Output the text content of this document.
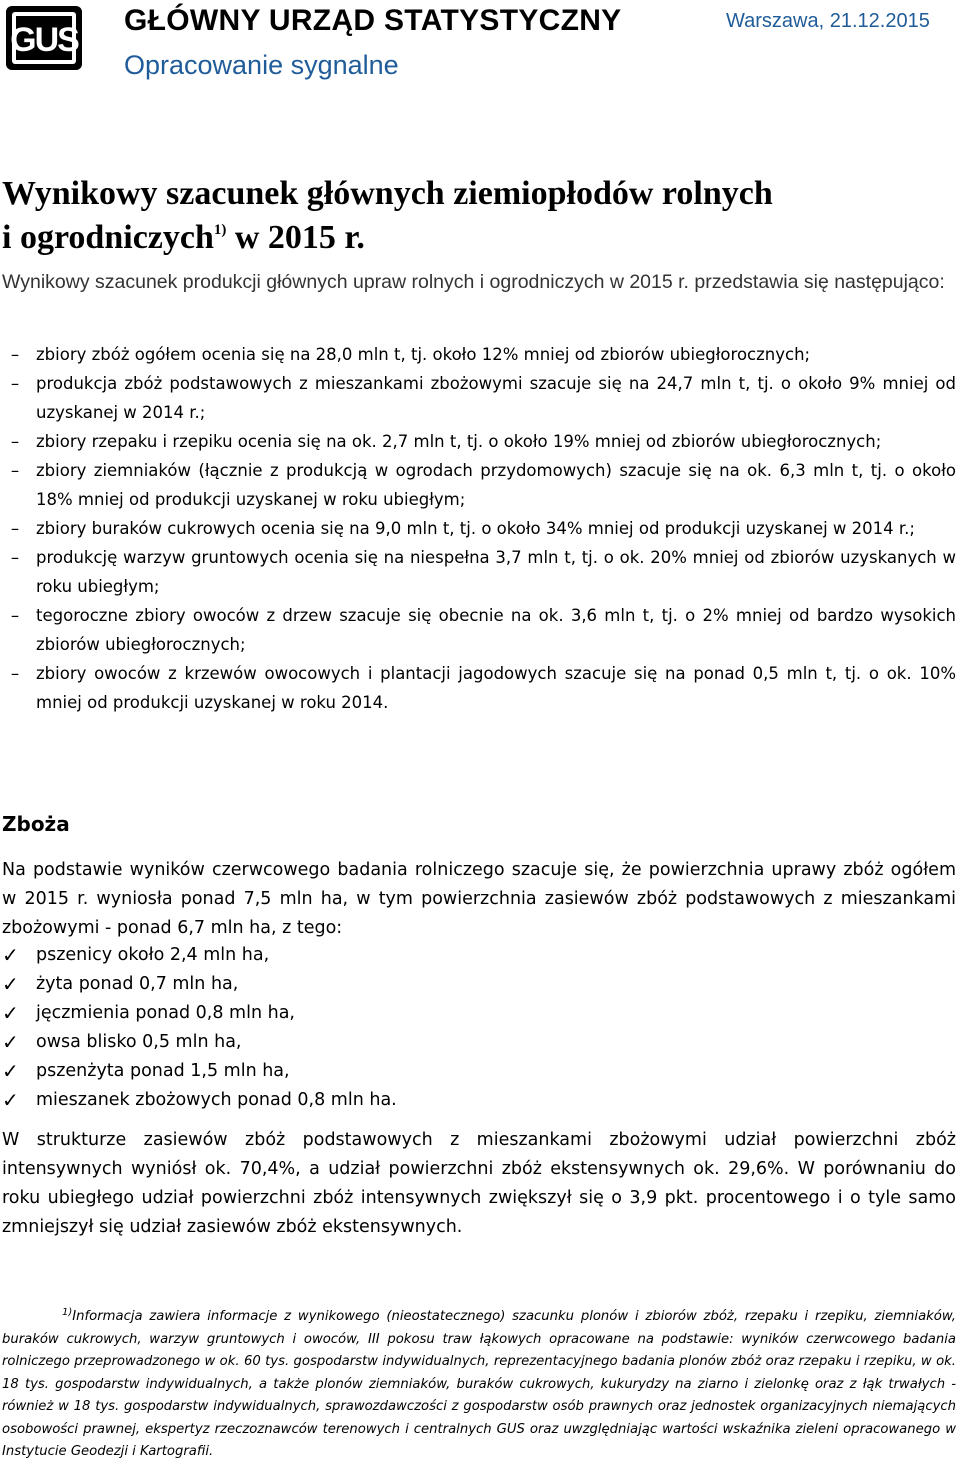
GUS
GŁÓWNY URZĄD STATYSTYCZNY
Opracowanie sygnalne
Warszawa, 21.12.2015
Wynikowy szacunek głównych ziemiopłodów rolnych
i ogrodniczych$^{1)}$ w 2015 r.
Wynikowy szacunek produkcji głównych upraw rolnych i ogrodniczych w 2015 r. przedstawia się następująco:
–	zbiory zbóż ogółem ocenia się na 28,0 mln t, tj. około 12% mniej od zbiorów ubiegłorocznych;
–	produkcja zbóż podstawowych z mieszankami zbożowymi szacuje się na 24,7 mln t, tj. o około 9% mniej od uzyskanej w 2014 r.;
–	zbiory rzepaku i rzepiku ocenia się na ok. 2,7 mln t, tj. o około 19% mniej od zbiorów ubiegłorocznych;
–	zbiory ziemniaków (łącznie z produkcją w ogrodach przydomowych) szacuje się na ok. 6,3 mln t, tj. o około 18% mniej od produkcji uzyskanej w roku ubiegłym;
–	zbiory buraków cukrowych ocenia się na 9,0 mln t, tj. o około 34% mniej od produkcji uzyskanej w 2014 r.;
–	produkcję warzyw gruntowych ocenia się na niespełna 3,7 mln t, tj. o ok. 20% mniej od zbiorów uzyskanych w roku ubiegłym;
–	tegoroczne zbiory owoców z drzew szacuje się obecnie na ok. 3,6 mln t, tj. o 2% mniej od bardzo wysokich zbiorów ubiegłorocznych;
–	zbiory owoców z krzewów owocowych i plantacji jagodowych szacuje się na ponad 0,5 mln t, tj. o ok. 10% mniej od produkcji uzyskanej w roku 2014.
Zboża
Na podstawie wyników czerwcowego badania rolniczego szacuje się, że powierzchnia uprawy zbóż ogółem w 2015 r. wyniosła ponad 7,5 mln ha, w tym powierzchnia zasiewów zbóż podstawowych z mieszankami zbożowymi - ponad 6,7 mln ha, z tego:
✓ pszenicy około 2,4 mln ha,
✓ żyta ponad 0,7 mln ha,
✓ jęczmienia ponad 0,8 mln ha,
✓ owsa blisko 0,5 mln ha,
✓ pszenżyta ponad 1,5 mln ha,
✓ mieszanek zbożowych ponad 0,8 mln ha.
W strukturze zasiewów zbóż podstawowych z mieszankami zbożowymi udział powierzchni zbóż intensywnych wyniósł ok. 70,4%, a udział powierzchni zbóż ekstensywnych ok. 29,6%. W porównaniu do roku ubiegłego udział powierzchni zbóż intensywnych zwiększył się o 3,9 pkt. procentowego i o tyle samo zmniejszył się udział zasiewów zbóż ekstensywnych.
$^{1)}$Informacja zawiera informacje z wynikowego (nieostatecznego) szacunku plonów i zbiorów zbóż, rzepaku i rzepiku, ziemniaków, buraków cukrowych, warzyw gruntowych i owoców, III pokosu traw łąkowych opracowane na podstawie: wyników czerwcowego badania rolniczego przeprowadzonego w ok. 60 tys. gospodarstw indywidualnych, reprezentacyjnego badania plonów zbóż oraz rzepaku i rzepiku, w ok. 18 tys. gospodarstw indywidualnych, a także plonów ziemniaków, buraków cukrowych, kukurydzy na ziarno i zielonkę oraz z łąk trwałych - również w 18 tys. gospodarstw indywidualnych, sprawozdawczości z gospodarstw osób prawnych oraz jednostek organizacyjnych niemających osobowości prawnej, ekspertyz rzeczoznawców terenowych i centralnych GUS oraz uwzględniając wartości wskaźnika zieleni opracowanego w Instytucie Geodezji i Kartografii.
